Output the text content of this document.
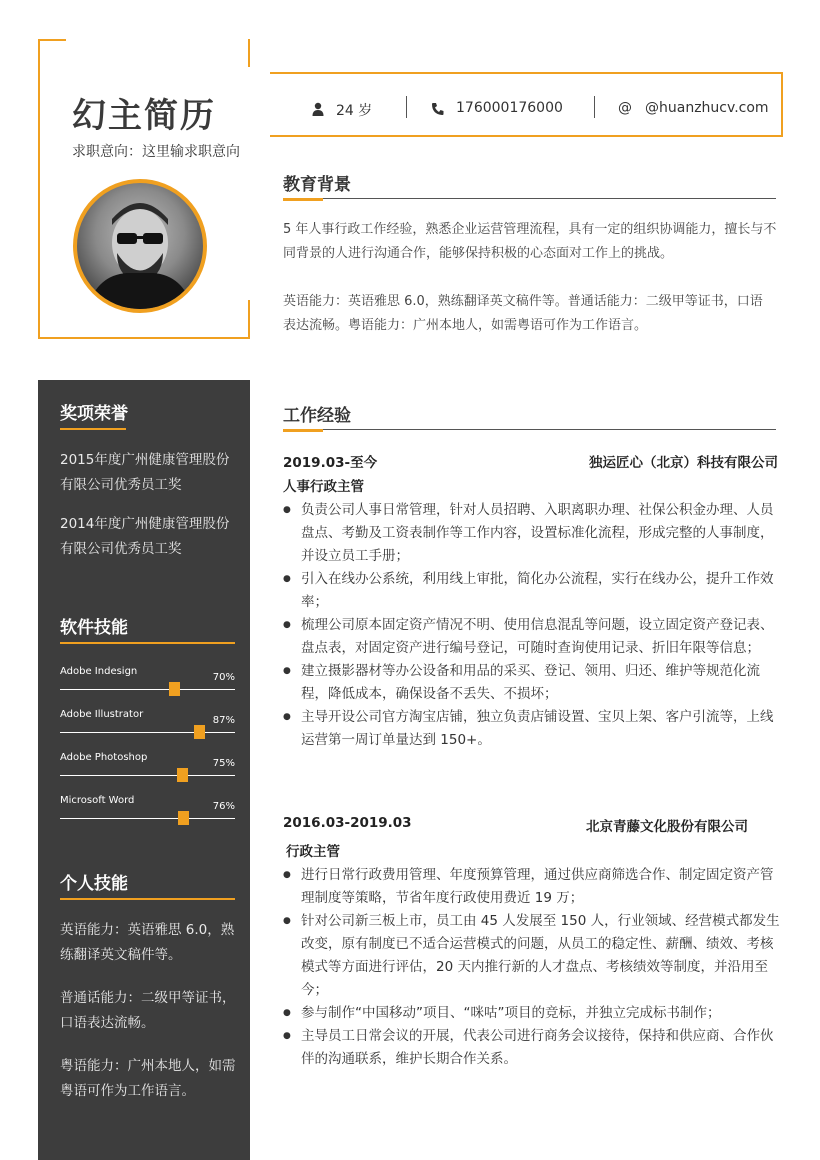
幻主简历
求职意向：这里输求职意向
24 岁	176000176000	@ @huanzhucv.com
教育背景
5 年人事行政工作经验，熟悉企业运营管理流程，具有一定的组织协调能力，擅长与不同背景的人进行沟通合作，能够保持积极的心态面对工作上的挑战。
英语能力：英语雅思 6.0，熟练翻译英文稿件等。普通话能力：二级甲等证书，口语表达流畅。粤语能力：广州本地人，如需粤语可作为工作语言。
奖项荣誉
2015年度广州健康管理股份有限公司优秀员工奖
2014年度广州健康管理股份有限公司优秀员工奖
软件技能
Adobe Indesign
70%
Adobe Illustrator
87%
Adobe Photoshop
75%
Microsoft Word
76%
个人技能
英语能力：英语雅思 6.0，熟练翻译英文稿件等。
普通话能力：二级甲等证书，口语表达流畅。
粤语能力：广州本地人，如需粤语可作为工作语言。
工作经验
2019.03-至今	独运匠心（北京）科技有限公司
人事行政主管
● 负责公司人事日常管理，针对人员招聘、入职离职办理、社保公积金办理、人员盘点、考勤及工资表制作等工作内容，设置标准化流程，形成完整的人事制度，并设立员工手册；
● 引入在线办公系统，利用线上审批，简化办公流程，实行在线办公，提升工作效率；
● 梳理公司原本固定资产情况不明、使用信息混乱等问题，设立固定资产登记表、盘点表，对固定资产进行编号登记，可随时查询使用记录、折旧年限等信息；
● 建立摄影器材等办公设备和用品的采买、登记、领用、归还、维护等规范化流程，降低成本，确保设备不丢失、不损坏；
● 主导开设公司官方淘宝店铺，独立负责店铺设置、宝贝上架、客户引流等，上线运营第一周订单量达到 150+。
2016.03-2019.03	北京青藤文化股份有限公司
行政主管
● 进行日常行政费用管理、年度预算管理，通过供应商筛选合作、制定固定资产管理制度等策略，节省年度行政使用费近 19 万；
● 针对公司新三板上市，员工由 45 人发展至 150 人，行业领域、经营模式都发生改变，原有制度已不适合运营模式的问题，从员工的稳定性、薪酬、绩效、考核模式等方面进行评估，20 天内推行新的人才盘点、考核绩效等制度，并沿用至今；
● 参与制作“中国移动”项目、“咪咕”项目的竞标，并独立完成标书制作；
● 主导员工日常会议的开展，代表公司进行商务会议接待，保持和供应商、合作伙伴的沟通联系，维护长期合作关系。
